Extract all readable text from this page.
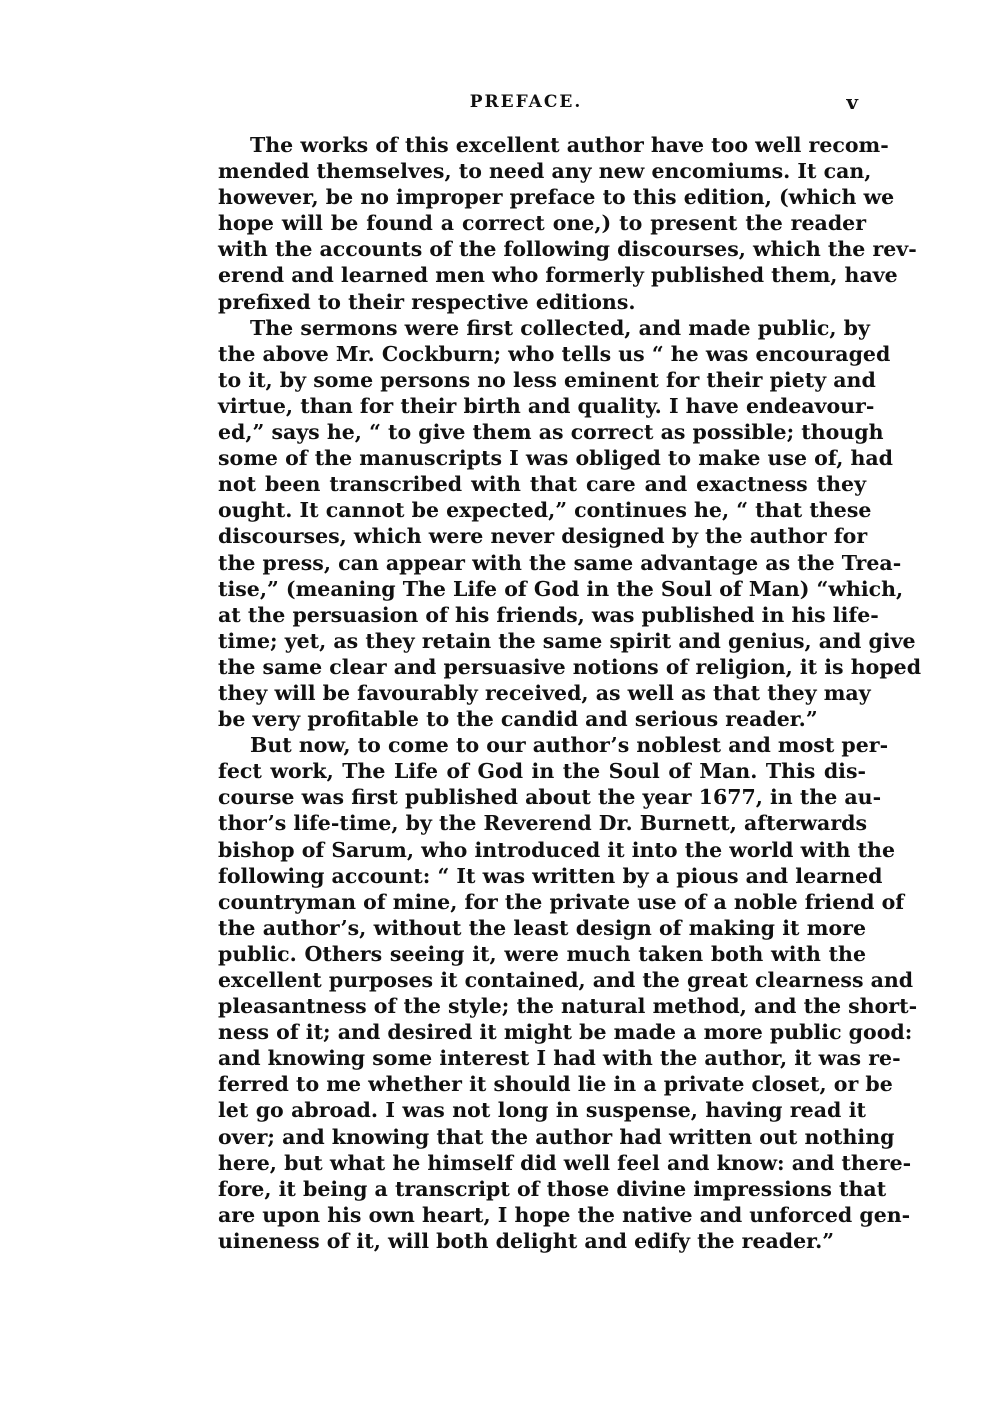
PREFACE.	v

The works of this excellent author have too well recom-
mended themselves, to need any new encomiums. It can,
however, be no improper preface to this edition, (which we
hope will be found a correct one,) to present the reader
with the accounts of the following discourses, which the rev-
erend and learned men who formerly published them, have
prefixed to their respective editions.

The sermons were first collected, and made public, by
the above Mr. Cockburn; who tells us “ he was encouraged
to it, by some persons no less eminent for their piety and
virtue, than for their birth and quality. I have endeavour-
ed,” says he, “ to give them as correct as possible; though
some of the manuscripts I was obliged to make use of, had
not been transcribed with that care and exactness they
ought. It cannot be expected,” continues he, “ that these
discourses, which were never designed by the author for
the press, can appear with the same advantage as the Trea-
tise,” (meaning The Life of God in the Soul of Man) “which,
at the persuasion of his friends, was published in his life-
time; yet, as they retain the same spirit and genius, and give
the same clear and persuasive notions of religion, it is hoped
they will be favourably received, as well as that they may
be very profitable to the candid and serious reader.”

But now, to come to our author’s noblest and most per-
fect work, The Life of God in the Soul of Man. This dis-
course was first published about the year 1677, in the au-
thor’s life-time, by the Reverend Dr. Burnett, afterwards
bishop of Sarum, who introduced it into the world with the
following account: “ It was written by a pious and learned
countryman of mine, for the private use of a noble friend of
the author’s, without the least design of making it more
public. Others seeing it, were much taken both with the
excellent purposes it contained, and the great clearness and
pleasantness of the style; the natural method, and the short-
ness of it; and desired it might be made a more public good:
and knowing some interest I had with the author, it was re-
ferred to me whether it should lie in a private closet, or be
let go abroad. I was not long in suspense, having read it
over; and knowing that the author had written out nothing
here, but what he himself did well feel and know: and there-
fore, it being a transcript of those divine impressions that
are upon his own heart, I hope the native and unforced gen-
uineness of it, will both delight and edify the reader.”
